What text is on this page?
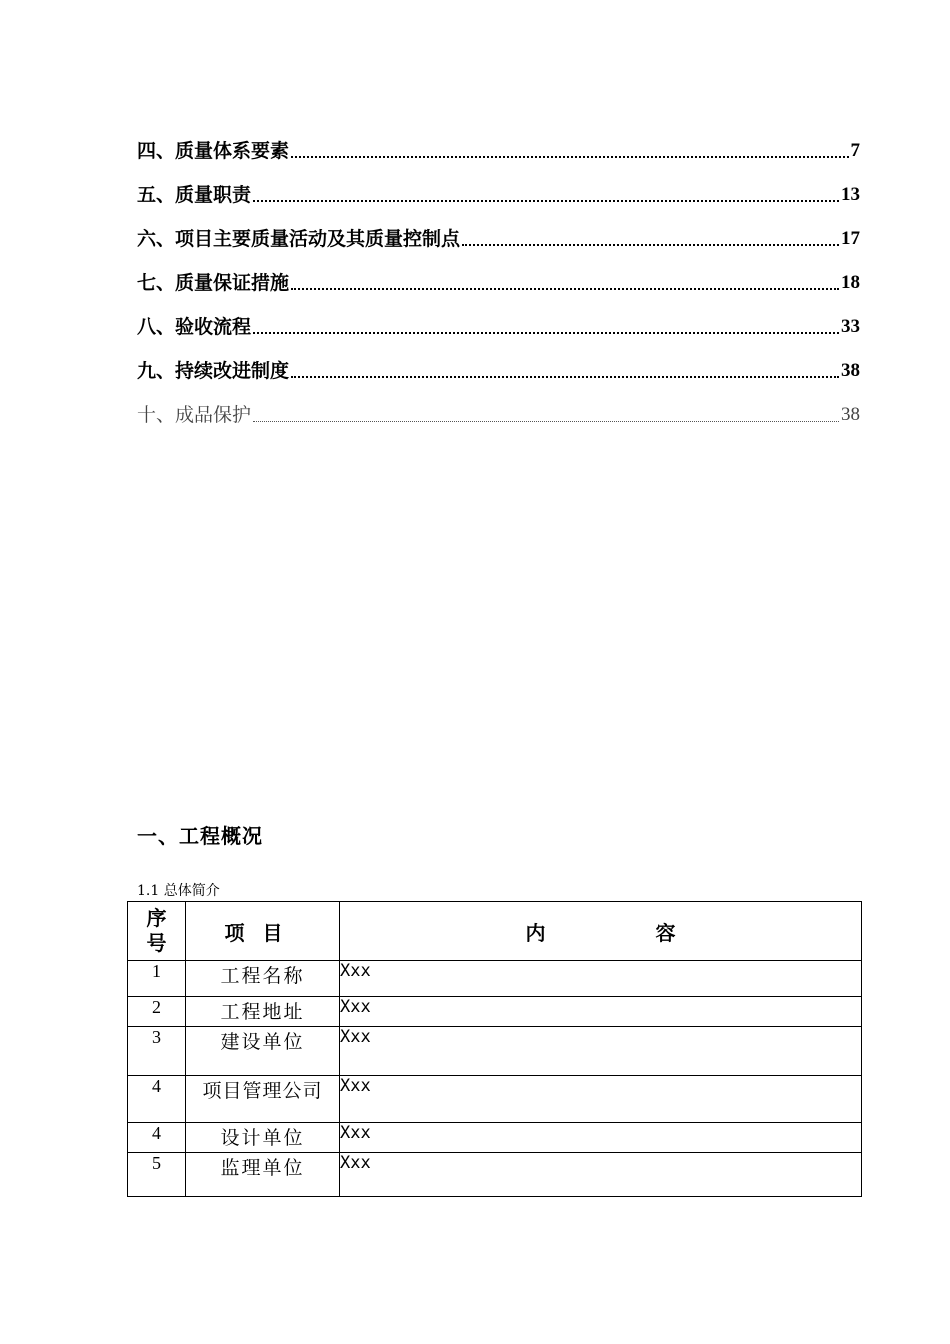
四、质量体系要素	7
五、质量职责	13
六、项目主要质量活动及其质量控制点	17
七、质量保证措施	18
八、验收流程	33
九、持续改进制度	38
十、成品保护	38
一、工程概况
1.1 总体简介
序号	项目	内 容
1	工程名称	Xxx
2	工程地址	Xxx
3	建设单位	Xxx
4	项目管理公司	Xxx
4	设计单位	Xxx
5	监理单位	Xxx
